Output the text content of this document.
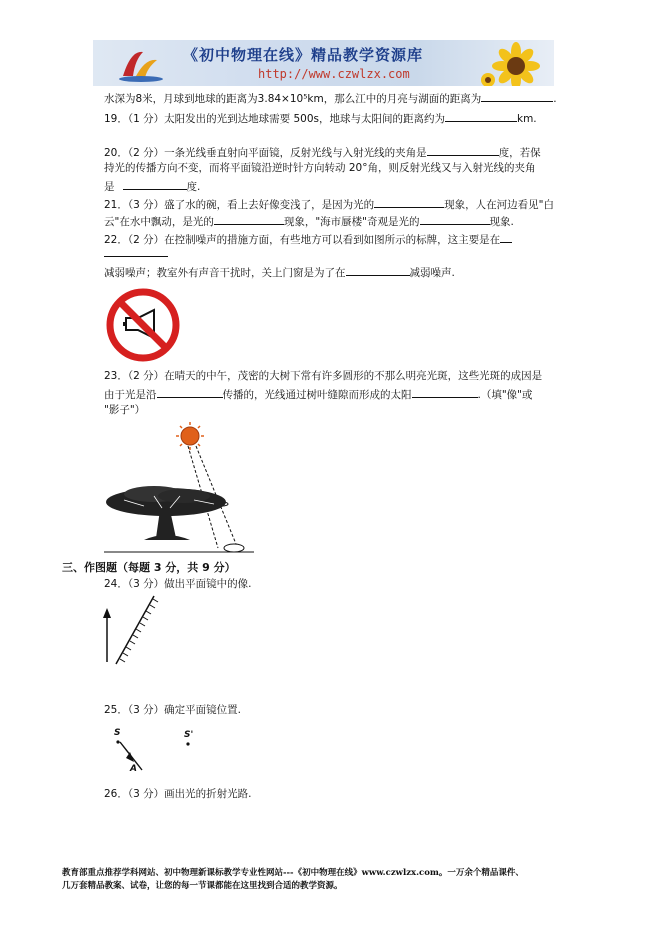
《初中物理在线》精品教学资源库
http://www.czwlzx.com
水深为8米，月球到地球的距离为3.84×10⁵km，那么江中的月亮与湖面的距离为	.
19．（1 分）太阳发出的光到达地球需要 500s，地球与太阳间的距离约为	km.
20．（2 分）一条光线垂直射向平面镜，反射光线与入射光线的夹角是	度，若保
持光的传播方向不变，而将平面镜沿逆时针方向转动 20°角，则反射光线又与入射光线的夹角
是	度.
21．（3 分）盛了水的碗，看上去好像变浅了，是因为光的	现象，人在河边看见"白
云"在水中飘动，是光的	现象，"海市蜃楼"奇观是光的	现象.
22．（2 分）在控制噪声的措施方面，有些地方可以看到如图所示的标牌，这主要是在
减弱噪声；教室外有声音干扰时，关上门窗是为了在	减弱噪声.
23．（2 分）在晴天的中午，茂密的大树下常有许多圆形的不那么明亮光斑，这些光斑的成因是
由于光是沿	传播的，光线通过树叶缝隙而形成的太阳	.（填"像"或
"影子"）
三、作图题（每题 3 分，共 9 分）
24．（3 分）做出平面镜中的像.
25．（3 分）确定平面镜位置.
S	S'
A
26．（3 分）画出光的折射光路.
教育部重点推荐学科网站、初中物理新课标教学专业性网站---《初中物理在线》www.czwlzx.com。一万余个精品课件、
几万套精品教案、试卷，让您的每一节课都能在这里找到合适的教学资源。
